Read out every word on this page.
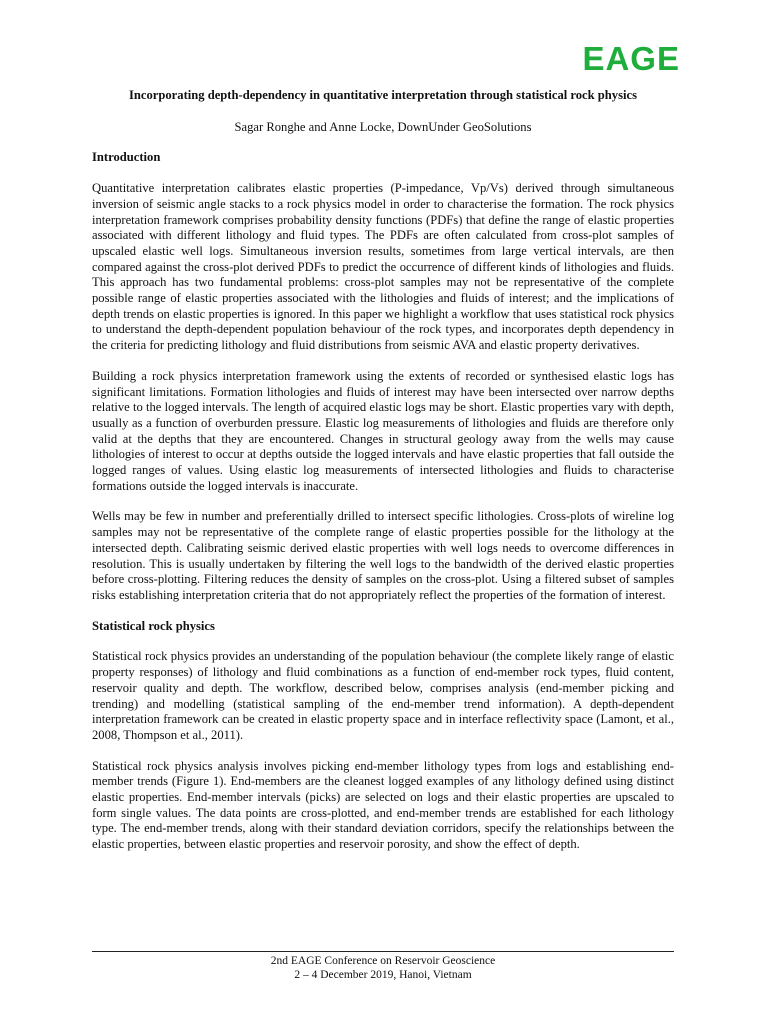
EAGE
Incorporating depth-dependency in quantitative interpretation through statistical rock physics
Sagar Ronghe and Anne Locke, DownUnder GeoSolutions
Introduction

Quantitative interpretation calibrates elastic properties (P-impedance, Vp/Vs) derived through simultaneous inversion of seismic angle stacks to a rock physics model in order to characterise the formation. The rock physics interpretation framework comprises probability density functions (PDFs) that define the range of elastic properties associated with different lithology and fluid types. The PDFs are often calculated from cross-plot samples of upscaled elastic well logs. Simultaneous inversion results, sometimes from large vertical intervals, are then compared against the cross-plot derived PDFs to predict the occurrence of different kinds of lithologies and fluids. This approach has two fundamental problems: cross-plot samples may not be representative of the complete possible range of elastic properties associated with the lithologies and fluids of interest; and the implications of depth trends on elastic properties is ignored. In this paper we highlight a workflow that uses statistical rock physics to understand the depth-dependent population behaviour of the rock types, and incorporates depth dependency in the criteria for predicting lithology and fluid distributions from seismic AVA and elastic property derivatives.

Building a rock physics interpretation framework using the extents of recorded or synthesised elastic logs has significant limitations. Formation lithologies and fluids of interest may have been intersected over narrow depths relative to the logged intervals. The length of acquired elastic logs may be short. Elastic properties vary with depth, usually as a function of overburden pressure. Elastic log measurements of lithologies and fluids are therefore only valid at the depths that they are encountered. Changes in structural geology away from the wells may cause lithologies of interest to occur at depths outside the logged intervals and have elastic properties that fall outside the logged ranges of values. Using elastic log measurements of intersected lithologies and fluids to characterise formations outside the logged intervals is inaccurate.

Wells may be few in number and preferentially drilled to intersect specific lithologies. Cross-plots of wireline log samples may not be representative of the complete range of elastic properties possible for the lithology at the intersected depth. Calibrating seismic derived elastic properties with well logs needs to overcome differences in resolution. This is usually undertaken by filtering the well logs to the bandwidth of the derived elastic properties before cross-plotting. Filtering reduces the density of samples on the cross-plot. Using a filtered subset of samples risks establishing interpretation criteria that do not appropriately reflect the properties of the formation of interest.

Statistical rock physics

Statistical rock physics provides an understanding of the population behaviour (the complete likely range of elastic property responses) of lithology and fluid combinations as a function of end-member rock types, fluid content, reservoir quality and depth. The workflow, described below, comprises analysis (end-member picking and trending) and modelling (statistical sampling of the end-member trend information). A depth-dependent interpretation framework can be created in elastic property space and in interface reflectivity space (Lamont, et al., 2008, Thompson et al., 2011).

Statistical rock physics analysis involves picking end-member lithology types from logs and establishing end-member trends (Figure 1). End-members are the cleanest logged examples of any lithology defined using distinct elastic properties. End-member intervals (picks) are selected on logs and their elastic properties are upscaled to form single values. The data points are cross-plotted, and end-member trends are established for each lithology type. The end-member trends, along with their standard deviation corridors, specify the relationships between the elastic properties, between elastic properties and reservoir porosity, and show the effect of depth.

2nd EAGE Conference on Reservoir Geoscience
2 – 4 December 2019, Hanoi, Vietnam
